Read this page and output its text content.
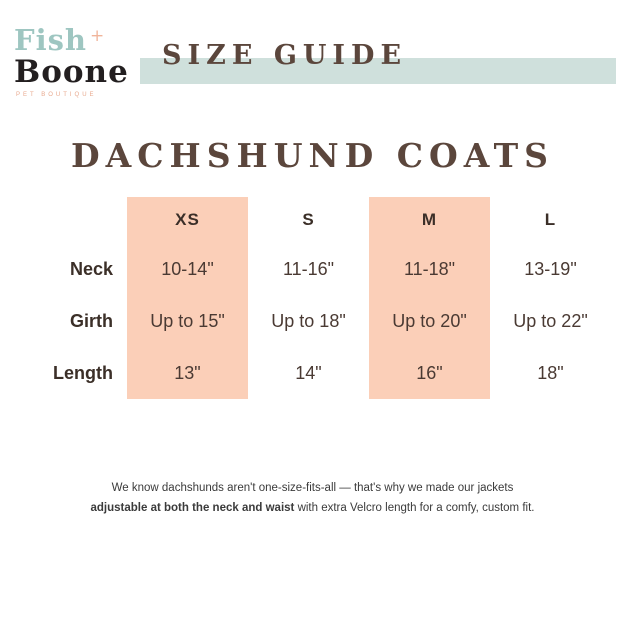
Fish +
Boone
PET BOUTIQUE
SIZE GUIDE
DACHSHUND COATS
	XS	S	M	L
Neck	10-14"	11-16"	11-18"	13-19"
Girth	Up to 15"	Up to 18"	Up to 20"	Up to 22"
Length	13"	14"	16"	18"
We know dachshunds aren't one-size-fits-all — that's why we made our jackets
adjustable at both the neck and waist with extra Velcro length for a comfy, custom fit.
